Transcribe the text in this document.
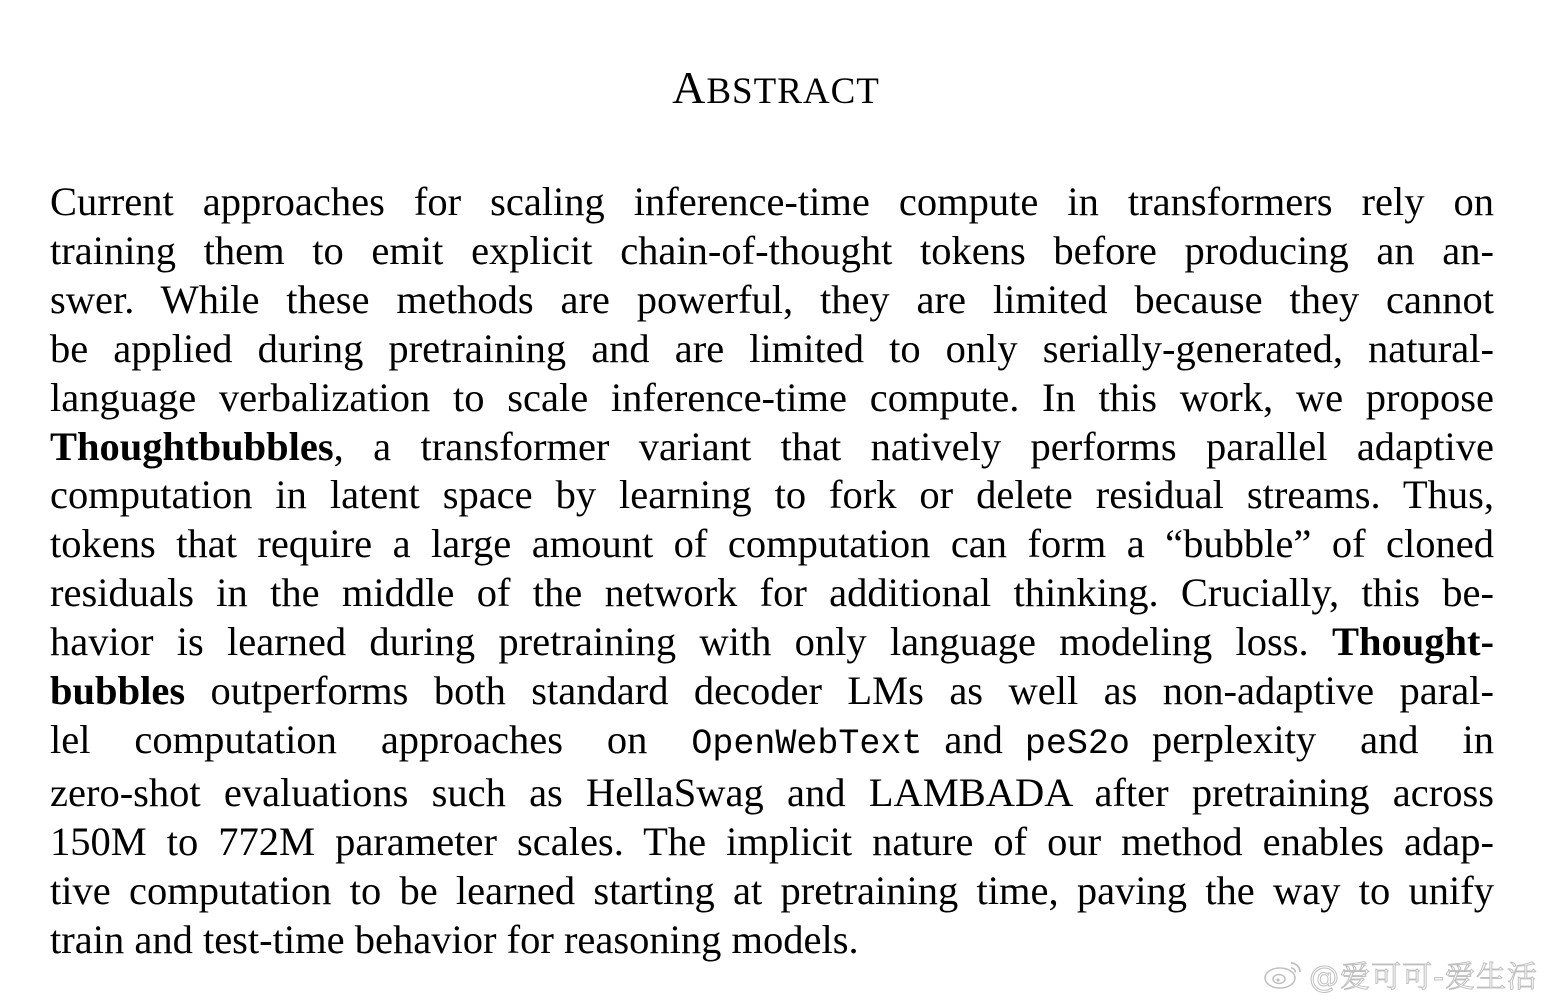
ABSTRACT
Current approaches for scaling inference-time compute in transformers rely on
training them to emit explicit chain-of-thought tokens before producing an an-
swer. While these methods are powerful, they are limited because they cannot
be applied during pretraining and are limited to only serially-generated, natural-
language verbalization to scale inference-time compute. In this work, we propose
Thoughtbubbles, a transformer variant that natively performs parallel adaptive
computation in latent space by learning to fork or delete residual streams. Thus,
tokens that require a large amount of computation can form a “bubble” of cloned
residuals in the middle of the network for additional thinking. Crucially, this be-
havior is learned during pretraining with only language modeling loss. Thought-
bubbles outperforms both standard decoder LMs as well as non-adaptive paral-
lel computation approaches on OpenWebText and peS2o perplexity and in
zero-shot evaluations such as HellaSwag and LAMBADA after pretraining across
150M to 772M parameter scales. The implicit nature of our method enables adap-
tive computation to be learned starting at pretraining time, paving the way to unify
train and test-time behavior for reasoning models.
@爱可可-爱生活
